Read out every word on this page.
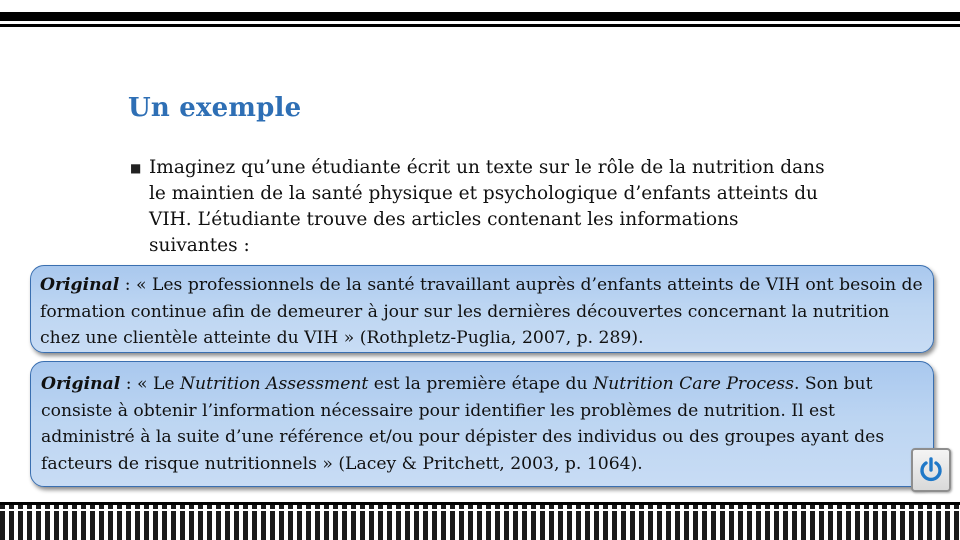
Un exemple
■ Imaginez qu’une étudiante écrit un texte sur le rôle de la nutrition dans le maintien de la santé physique et psychologique d’enfants atteints du VIH. L’étudiante trouve des articles contenant les informations suivantes :
Original : « Les professionnels de la santé travaillant auprès d’enfants atteints de VIH ont besoin de formation continue afin de demeurer à jour sur les dernières découvertes concernant la nutrition chez une clientèle atteinte du VIH » (Rothpletz-Puglia, 2007, p. 289).
Original : « Le Nutrition Assessment est la première étape du Nutrition Care Process. Son but consiste à obtenir l’information nécessaire pour identifier les problèmes de nutrition. Il est administré à la suite d’une référence et/ou pour dépister des individus ou des groupes ayant des facteurs de risque nutritionnels » (Lacey & Pritchett, 2003, p. 1064).
